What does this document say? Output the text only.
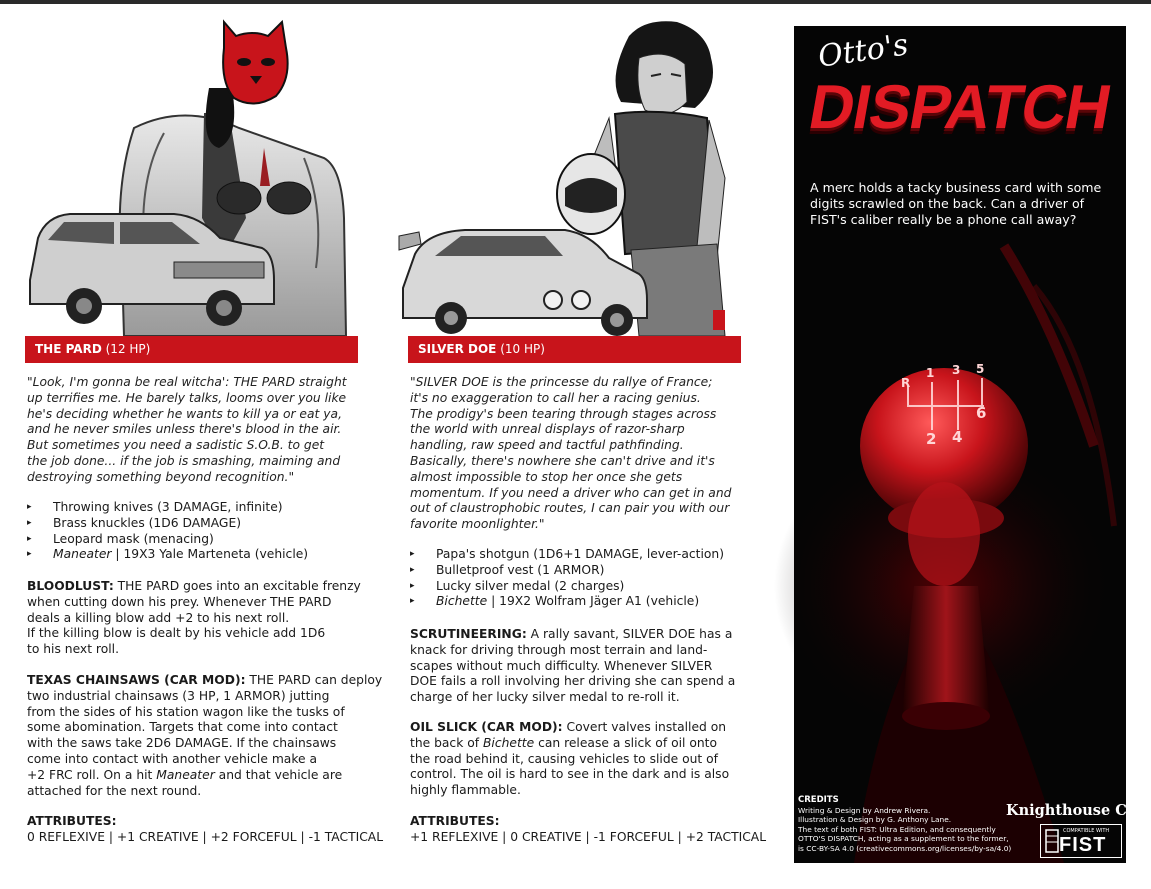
THE PARD (12 HP)
"Look, I'm gonna be real witcha': THE PARD straight
up terrifies me. He barely talks, looms over you like
he's deciding whether he wants to kill ya or eat ya,
and he never smiles unless there's blood in the air.
But sometimes you need a sadistic S.O.B. to get
the job done... if the job is smashing, maiming and
destroying something beyond recognition."
▸ Throwing knives (3 DAMAGE, infinite)
▸ Brass knuckles (1D6 DAMAGE)
▸ Leopard mask (menacing)
▸ Maneater | 19X3 Yale Marteneta (vehicle)
BLOODLUST: THE PARD goes into an excitable frenzy
when cutting down his prey. Whenever THE PARD
deals a killing blow add +2 to his next roll.
If the killing blow is dealt by his vehicle add 1D6
to his next roll.
TEXAS CHAINSAWS (CAR MOD): THE PARD can deploy
two industrial chainsaws (3 HP, 1 ARMOR) jutting
from the sides of his station wagon like the tusks of
some abomination. Targets that come into contact
with the saws take 2D6 DAMAGE. If the chainsaws
come into contact with another vehicle make a
+2 FRC roll. On a hit Maneater and that vehicle are
attached for the next round.
ATTRIBUTES:
0 REFLEXIVE | +1 CREATIVE | +2 FORCEFUL | -1 TACTICAL
SILVER DOE (10 HP)
"SILVER DOE is the princesse du rallye of France;
it's no exaggeration to call her a racing genius.
The prodigy's been tearing through stages across
the world with unreal displays of razor-sharp
handling, raw speed and tactful pathfinding.
Basically, there's nowhere she can't drive and it's
almost impossible to stop her once she gets
momentum. If you need a driver who can get in and
out of claustrophobic routes, I can pair you with our
favorite moonlighter."
▸ Papa's shotgun (1D6+1 DAMAGE, lever-action)
▸ Bulletproof vest (1 ARMOR)
▸ Lucky silver medal (2 charges)
▸ Bichette | 19X2 Wolfram Jäger A1 (vehicle)
SCRUTINEERING: A rally savant, SILVER DOE has a
knack for driving through most terrain and land-
scapes without much difficulty. Whenever SILVER
DOE fails a roll involving her driving she can spend a
charge of her lucky silver medal to re-roll it.
OIL SLICK (CAR MOD): Covert valves installed on
the back of Bichette can release a slick of oil onto
the road behind it, causing vehicles to slide out of
control. The oil is hard to see in the dark and is also
highly flammable.
ATTRIBUTES:
+1 REFLEXIVE | 0 CREATIVE | -1 FORCEFUL | +2 TACTICAL
Otto's
DISPATCH
A merc holds a tacky business card with some
digits scrawled on the back. Can a driver of
FIST's caliber really be a phone call away?
R
1 3 5
2 4
6
CREDITS
Writing & Design by Andrew Rivera.
Illustration & Design by G. Anthony Lane.
The text of both FIST: Ultra Edition, and consequently
OTTO'S DISPATCH, acting as a supplement to the former,
is CC-BY-SA 4.0 (creativecommons.org/licenses/by-sa/4.0)
Knighthouse Co.
COMPATIBLE WITH
FIST
